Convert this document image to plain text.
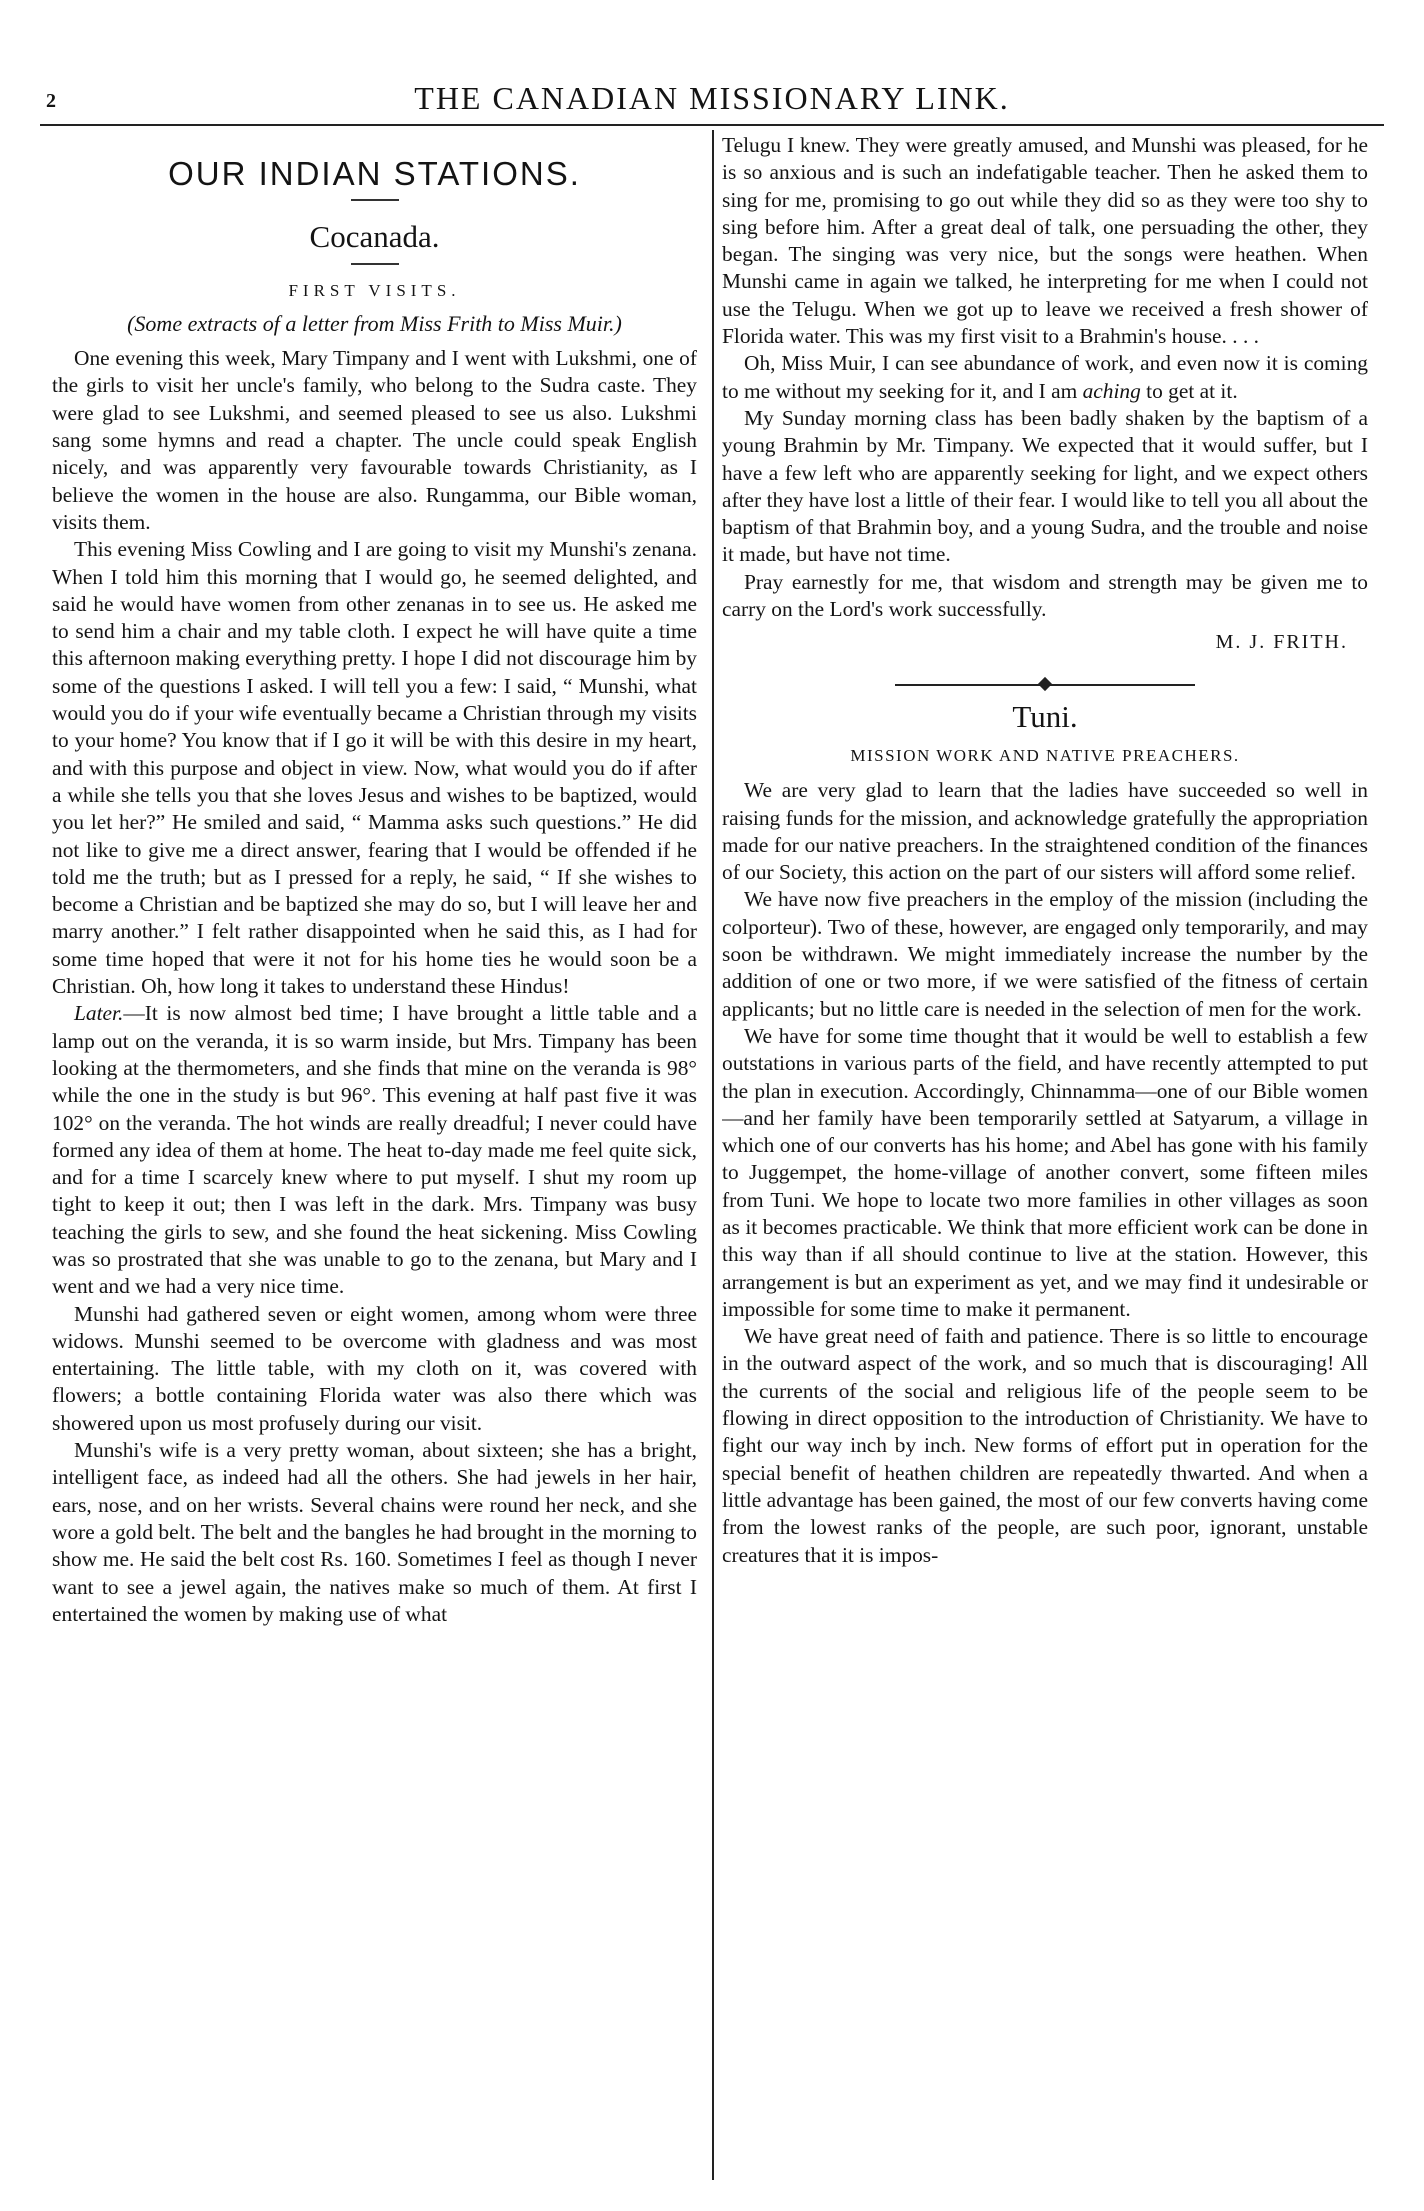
2	THE CANADIAN MISSIONARY LINK.
OUR INDIAN STATIONS.
Cocanada.
FIRST VISITS.
(Some extracts of a letter from Miss Frith to Miss Muir.)

One evening this week, Mary Timpany and I went with Lukshmi, one of the girls to visit her uncle's family, who belong to the Sudra caste. They were glad to see Lukshmi, and seemed pleased to see us also. Lukshmi sang some hymns and read a chapter. The uncle could speak English nicely, and was apparently very favourable towards Christianity, as I believe the women in the house are also. Rungamma, our Bible woman, visits them.

This evening Miss Cowling and I are going to visit my Munshi's zenana. When I told him this morning that I would go, he seemed delighted, and said he would have women from other zenanas in to see us. He asked me to send him a chair and my table cloth. I expect he will have quite a time this afternoon making everything pretty. I hope I did not discourage him by some of the questions I asked. I will tell you a few: I said, “ Munshi, what would you do if your wife eventually became a Christian through my visits to your home? You know that if I go it will be with this desire in my heart, and with this purpose and object in view. Now, what would you do if after a while she tells you that she loves Jesus and wishes to be baptized, would you let her?” He smiled and said, “ Mamma asks such questions.” He did not like to give me a direct answer, fearing that I would be offended if he told me the truth; but as I pressed for a reply, he said, “ If she wishes to become a Christian and be baptized she may do so, but I will leave her and marry another.” I felt rather disappointed when he said this, as I had for some time hoped that were it not for his home ties he would soon be a Christian. Oh, how long it takes to understand these Hindus!

Later.—It is now almost bed time; I have brought a little table and a lamp out on the veranda, it is so warm inside, but Mrs. Timpany has been looking at the thermometers, and she finds that mine on the veranda is 98° while the one in the study is but 96°. This evening at half past five it was 102° on the veranda. The hot winds are really dreadful; I never could have formed any idea of them at home. The heat to-day made me feel quite sick, and for a time I scarcely knew where to put myself. I shut my room up tight to keep it out; then I was left in the dark. Mrs. Timpany was busy teaching the girls to sew, and she found the heat sickening. Miss Cowling was so prostrated that she was unable to go to the zenana, but Mary and I went and we had a very nice time.

Munshi had gathered seven or eight women, among whom were three widows. Munshi seemed to be overcome with gladness and was most entertaining. The little table, with my cloth on it, was covered with flowers; a bottle containing Florida water was also there which was showered upon us most profusely during our visit.

Munshi's wife is a very pretty woman, about sixteen; she has a bright, intelligent face, as indeed had all the others. She had jewels in her hair, ears, nose, and on her wrists. Several chains were round her neck, and she wore a gold belt. The belt and the bangles he had brought in the morning to show me. He said the belt cost Rs. 160. Sometimes I feel as though I never want to see a jewel again, the natives make so much of them. At first I entertained the women by making use of what

Telugu I knew. They were greatly amused, and Munshi was pleased, for he is so anxious and is such an indefatigable teacher. Then he asked them to sing for me, promising to go out while they did so as they were too shy to sing before him. After a great deal of talk, one persuading the other, they began. The singing was very nice, but the songs were heathen. When Munshi came in again we talked, he interpreting for me when I could not use the Telugu. When we got up to leave we received a fresh shower of Florida water. This was my first visit to a Brahmin's house. . . .

Oh, Miss Muir, I can see abundance of work, and even now it is coming to me without my seeking for it, and I am aching to get at it.

My Sunday morning class has been badly shaken by the baptism of a young Brahmin by Mr. Timpany. We expected that it would suffer, but I have a few left who are apparently seeking for light, and we expect others after they have lost a little of their fear. I would like to tell you all about the baptism of that Brahmin boy, and a young Sudra, and the trouble and noise it made, but have not time.

Pray earnestly for me, that wisdom and strength may be given me to carry on the Lord's work successfully.

M. J. FRITH.
Tuni.
MISSION WORK AND NATIVE PREACHERS.

We are very glad to learn that the ladies have succeeded so well in raising funds for the mission, and acknowledge gratefully the appropriation made for our native preachers. In the straightened condition of the finances of our Society, this action on the part of our sisters will afford some relief.

We have now five preachers in the employ of the mission (including the colporteur). Two of these, however, are engaged only temporarily, and may soon be withdrawn. We might immediately increase the number by the addition of one or two more, if we were satisfied of the fitness of certain applicants; but no little care is needed in the selection of men for the work.

We have for some time thought that it would be well to establish a few outstations in various parts of the field, and have recently attempted to put the plan in execution. Accordingly, Chinnamma—one of our Bible women—and her family have been temporarily settled at Satyarum, a village in which one of our converts has his home; and Abel has gone with his family to Juggempet, the home-village of another convert, some fifteen miles from Tuni. We hope to locate two more families in other villages as soon as it becomes practicable. We think that more efficient work can be done in this way than if all should continue to live at the station. However, this arrangement is but an experiment as yet, and we may find it undesirable or impossible for some time to make it permanent.

We have great need of faith and patience. There is so little to encourage in the outward aspect of the work, and so much that is discouraging! All the currents of the social and religious life of the people seem to be flowing in direct opposition to the introduction of Christianity. We have to fight our way inch by inch. New forms of effort put in operation for the special benefit of heathen children are repeatedly thwarted. And when a little advantage has been gained, the most of our few converts having come from the lowest ranks of the people, are such poor, ignorant, unstable creatures that it is impos-
